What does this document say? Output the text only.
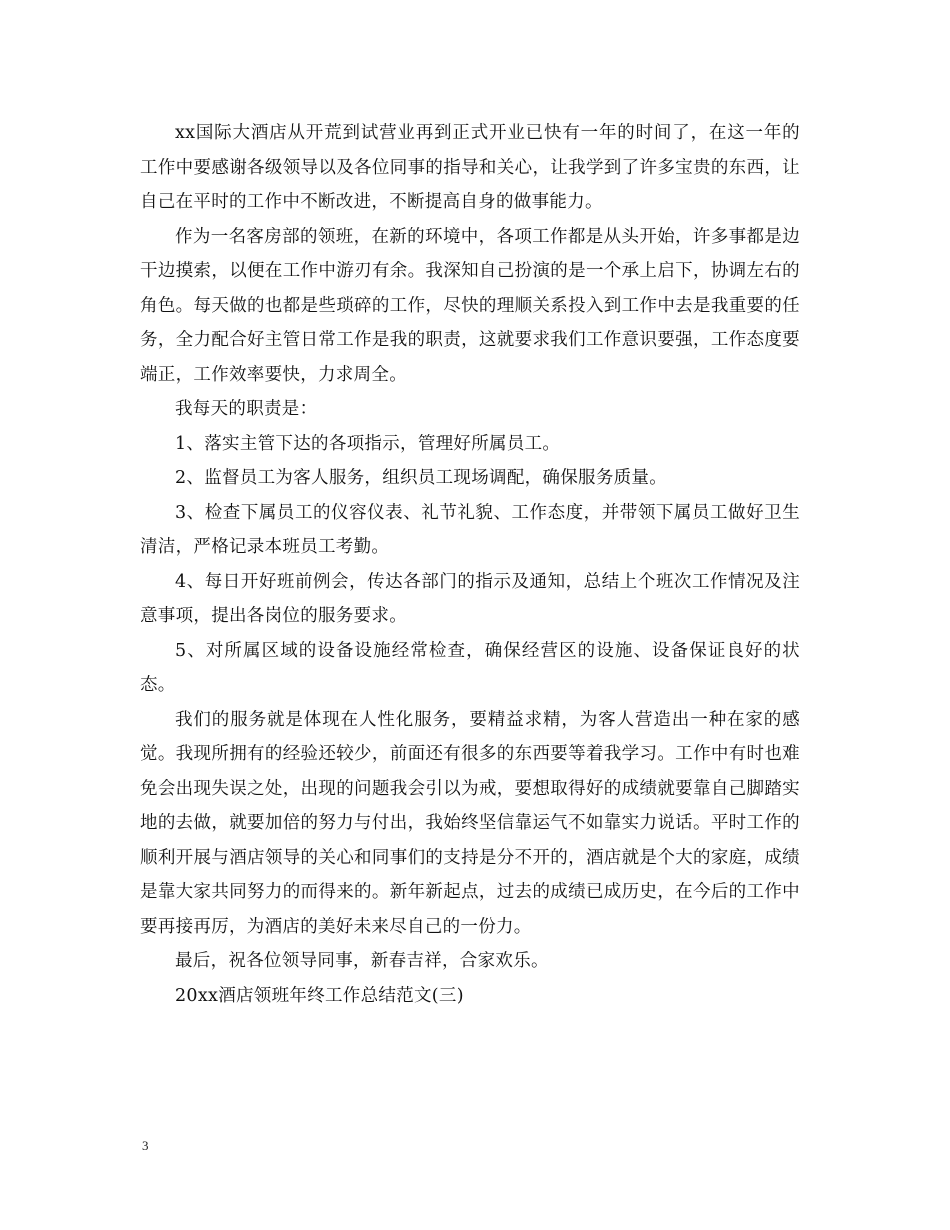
xx国际大酒店从开荒到试营业再到正式开业已快有一年的时间了，在这一年的工作中要感谢各级领导以及各位同事的指导和关心，让我学到了许多宝贵的东西，让自己在平时的工作中不断改进，不断提高自身的做事能力。

作为一名客房部的领班，在新的环境中，各项工作都是从头开始，许多事都是边干边摸索，以便在工作中游刃有余。我深知自己扮演的是一个承上启下，协调左右的角色。每天做的也都是些琐碎的工作，尽快的理顺关系投入到工作中去是我重要的任务，全力配合好主管日常工作是我的职责，这就要求我们工作意识要强，工作态度要端正，工作效率要快，力求周全。

我每天的职责是：

1、落实主管下达的各项指示，管理好所属员工。

2、监督员工为客人服务，组织员工现场调配，确保服务质量。

3、检查下属员工的仪容仪表、礼节礼貌、工作态度，并带领下属员工做好卫生清洁，严格记录本班员工考勤。

4、每日开好班前例会，传达各部门的指示及通知，总结上个班次工作情况及注意事项，提出各岗位的服务要求。

5、对所属区域的设备设施经常检查，确保经营区的设施、设备保证良好的状态。

我们的服务就是体现在人性化服务，要精益求精，为客人营造出一种在家的感觉。我现所拥有的经验还较少，前面还有很多的东西要等着我学习。工作中有时也难免会出现失误之处，出现的问题我会引以为戒，要想取得好的成绩就要靠自己脚踏实地的去做，就要加倍的努力与付出，我始终坚信靠运气不如靠实力说话。平时工作的顺利开展与酒店领导的关心和同事们的支持是分不开的，酒店就是个大的家庭，成绩是靠大家共同努力的而得来的。新年新起点，过去的成绩已成历史，在今后的工作中要再接再厉，为酒店的美好未来尽自己的一份力。

最后，祝各位领导同事，新春吉祥，合家欢乐。

20xx酒店领班年终工作总结范文(三)

3
